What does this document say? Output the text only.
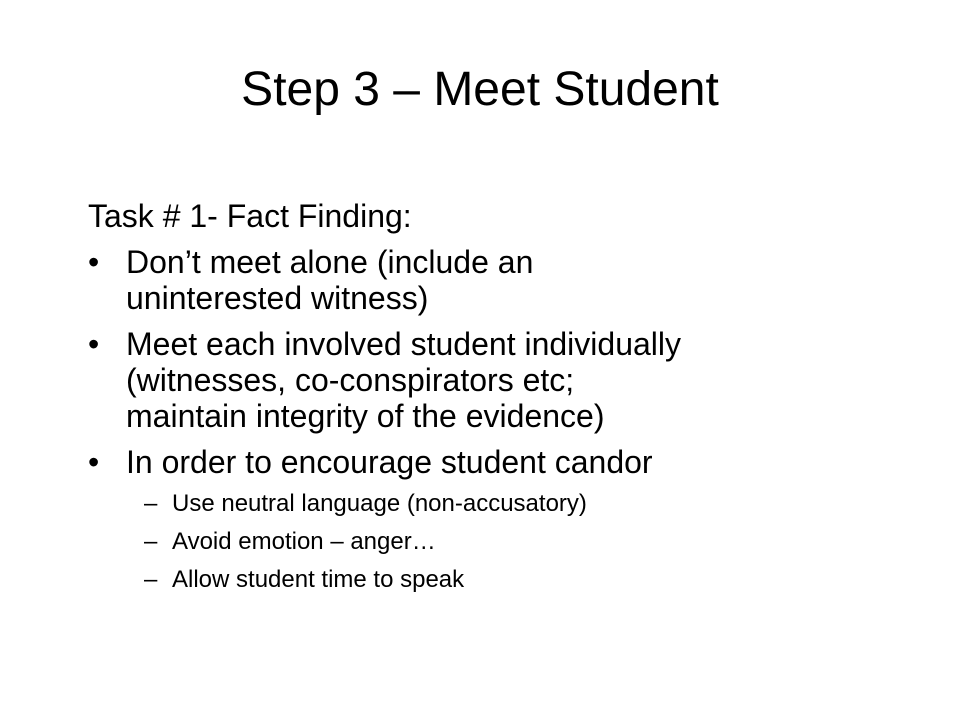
Step 3 – Meet Student
Task # 1- Fact Finding:
• Don’t meet alone (include an
uninterested witness)
• Meet each involved student individually
(witnesses, co-conspirators etc;
maintain integrity of the evidence)
• In order to encourage student candor
– Use neutral language (non-accusatory)
– Avoid emotion – anger…
– Allow student time to speak
